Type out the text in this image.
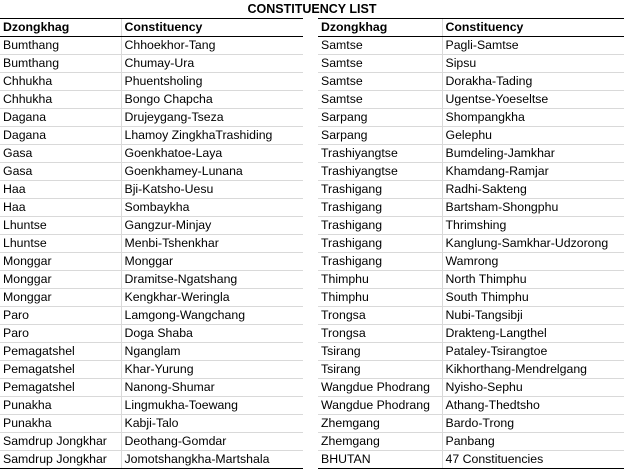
CONSTITUENCY LIST
Dzongkhag	Constituency
Bumthang	Chhoekhor-Tang
Bumthang	Chumay-Ura
Chhukha	Phuentsholing
Chhukha	Bongo Chapcha
Dagana	Drujeygang-Tseza
Dagana	Lhamoy ZingkhaTrashiding
Gasa	Goenkhatoe-Laya
Gasa	Goenkhamey-Lunana
Haa	Bji-Katsho-Uesu
Haa	Sombaykha
Lhuntse	Gangzur-Minjay
Lhuntse	Menbi-Tshenkhar
Monggar	Monggar
Monggar	Dramitse-Ngatshang
Monggar	Kengkhar-Weringla
Paro	Lamgong-Wangchang
Paro	Doga Shaba
Pemagatshel	Nganglam
Pemagatshel	Khar-Yurung
Pemagatshel	Nanong-Shumar
Punakha	Lingmukha-Toewang
Punakha	Kabji-Talo
Samdrup Jongkhar	Deothang-Gomdar
Samdrup Jongkhar	Jomotshangkha-Martshala
Dzongkhag	Constituency
Samtse	Pagli-Samtse
Samtse	Sipsu
Samtse	Dorakha-Tading
Samtse	Ugentse-Yoeseltse
Sarpang	Shompangkha
Sarpang	Gelephu
Trashiyangtse	Bumdeling-Jamkhar
Trashiyangtse	Khamdang-Ramjar
Trashigang	Radhi-Sakteng
Trashigang	Bartsham-Shongphu
Trashigang	Thrimshing
Trashigang	Kanglung-Samkhar-Udzorong
Trashigang	Wamrong
Thimphu	North Thimphu
Thimphu	South Thimphu
Trongsa	Nubi-Tangsibji
Trongsa	Drakteng-Langthel
Tsirang	Pataley-Tsirangtoe
Tsirang	Kikhorthang-Mendrelgang
Wangdue Phodrang	Nyisho-Sephu
Wangdue Phodrang	Athang-Thedtsho
Zhemgang	Bardo-Trong
Zhemgang	Panbang
BHUTAN	47 Constituencies
